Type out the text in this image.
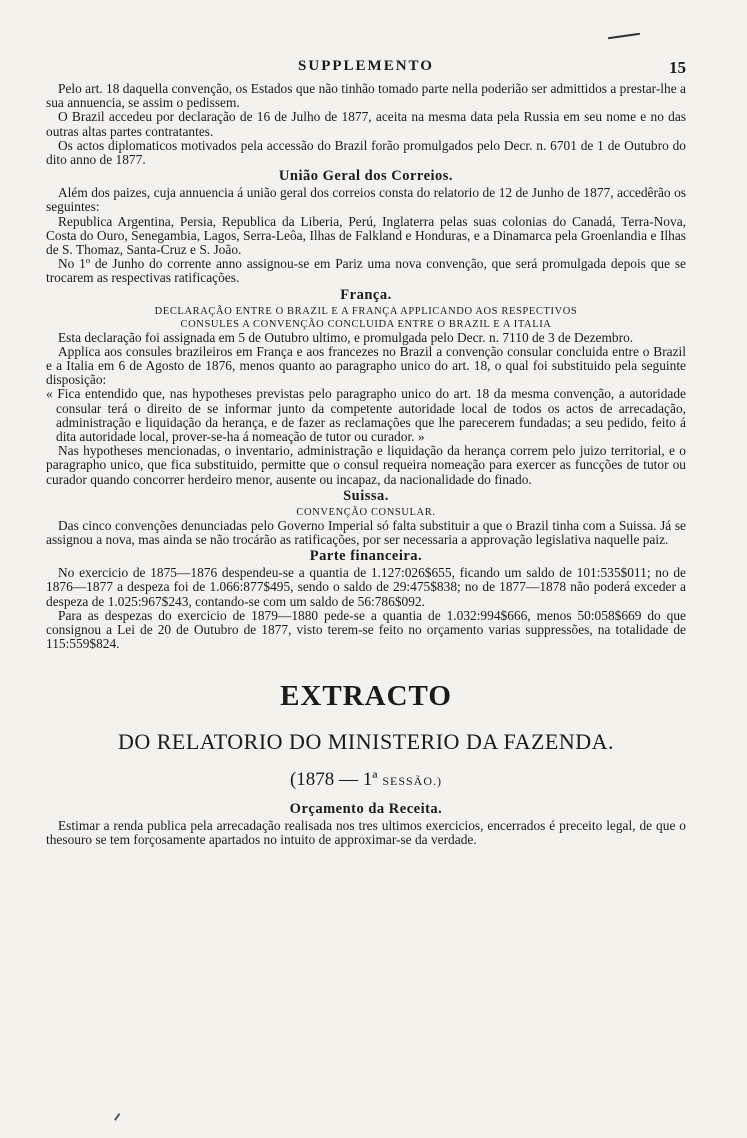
SUPPLEMENTO	15

Pelo art. 18 daquella convenção, os Estados que não tinhão tomado parte nella poderião ser admittidos a prestar-lhe a sua annuencia, se assim o pedissem.

O Brazil accedeu por declaração de 16 de Julho de 1877, aceita na mesma data pela Russia em seu nome e no das outras altas partes contratantes.

Os actos diplomaticos motivados pela accessão do Brazil forão promulgados pelo Decr. n. 6701 de 1 de Outubro do dito anno de 1877.

União Geral dos Correios.

Além dos paizes, cuja annuencia á união geral dos correios consta do relatorio de 12 de Junho de 1877, accedêrão os seguintes:

Republica Argentina, Persia, Republica da Liberia, Perú, Inglaterra pelas suas colonias do Canadá, Terra-Nova, Costa do Ouro, Senegambia, Lagos, Serra-Leôa, Ilhas de Falkland e Honduras, e a Dinamarca pela Groenlandia e Ilhas de S. Thomaz, Santa-Cruz e S. João.

No 1º de Junho do corrente anno assignou-se em Pariz uma nova convenção, que será promulgada depois que se trocarem as respectivas ratificações.

França.
DECLARAÇÃO ENTRE O BRAZIL E A FRANÇA APPLICANDO AOS RESPECTIVOS
CONSULES A CONVENÇÃO CONCLUIDA ENTRE O BRAZIL E A ITALIA

Esta declaração foi assignada em 5 de Outubro ultimo, e promulgada pelo Decr. n. 7110 de 3 de Dezembro.

Applica aos consules brazileiros em França e aos francezes no Brazil a convenção consular concluida entre o Brazil e a Italia em 6 de Agosto de 1876, menos quanto ao paragrapho unico do art. 18, o qual foi substituido pela seguinte disposição:

« Fica entendido que, nas hypotheses previstas pelo paragrapho unico do art. 18 da mesma convenção, a autoridade consular terá o direito de se informar junto da competente autoridade local de todos os actos de arrecadação, administração e liquidação da herança, e de fazer as reclamações que lhe parecerem fundadas; a seu pedido, feito á dita autoridade local, prover-se-ha á nomeação de tutor ou curador. »

Nas hypotheses mencionadas, o inventario, administração e liquidação da herança correm pelo juizo territorial, e o paragrapho unico, que fica substituido, permitte que o consul requeira nomeação para exercer as funcções de tutor ou curador quando concorrer herdeiro menor, ausente ou incapaz, da nacionalidade do finado.

Suissa.
CONVENÇÃO CONSULAR.

Das cinco convenções denunciadas pelo Governo Imperial só falta substituir a que o Brazil tinha com a Suissa. Já se assignou a nova, mas ainda se não trocárão as ratificações, por ser necessaria a approvação legislativa naquelle paiz.

Parte financeira.

No exercicio de 1875—1876 despendeu-se a quantia de 1.127:026$655, ficando um saldo de 101:535$011; no de 1876—1877 a despeza foi de 1.066:877$495, sendo o saldo de 29:475$838; no de 1877—1878 não poderá exceder a despeza de 1.025:967$243, contando-se com um saldo de 56:786$092.

Para as despezas do exercicio de 1879—1880 pede-se a quantia de 1.032:994$666, menos 50:058$669 do que consignou a Lei de 20 de Outubro de 1877, visto terem-se feito no orçamento varias suppressões, na totalidade de 115:559$824.

EXTRACTO
DO RELATORIO DO MINISTERIO DA FAZENDA.
(1878 — 1ª SESSÃO.)
Orçamento da Receita.

Estimar a renda publica pela arrecadação realisada nos tres ultimos exercicios, encerrados é preceito legal, de que o thesouro se tem forçosamente apartados no intuito de approximar-se da verdade.
